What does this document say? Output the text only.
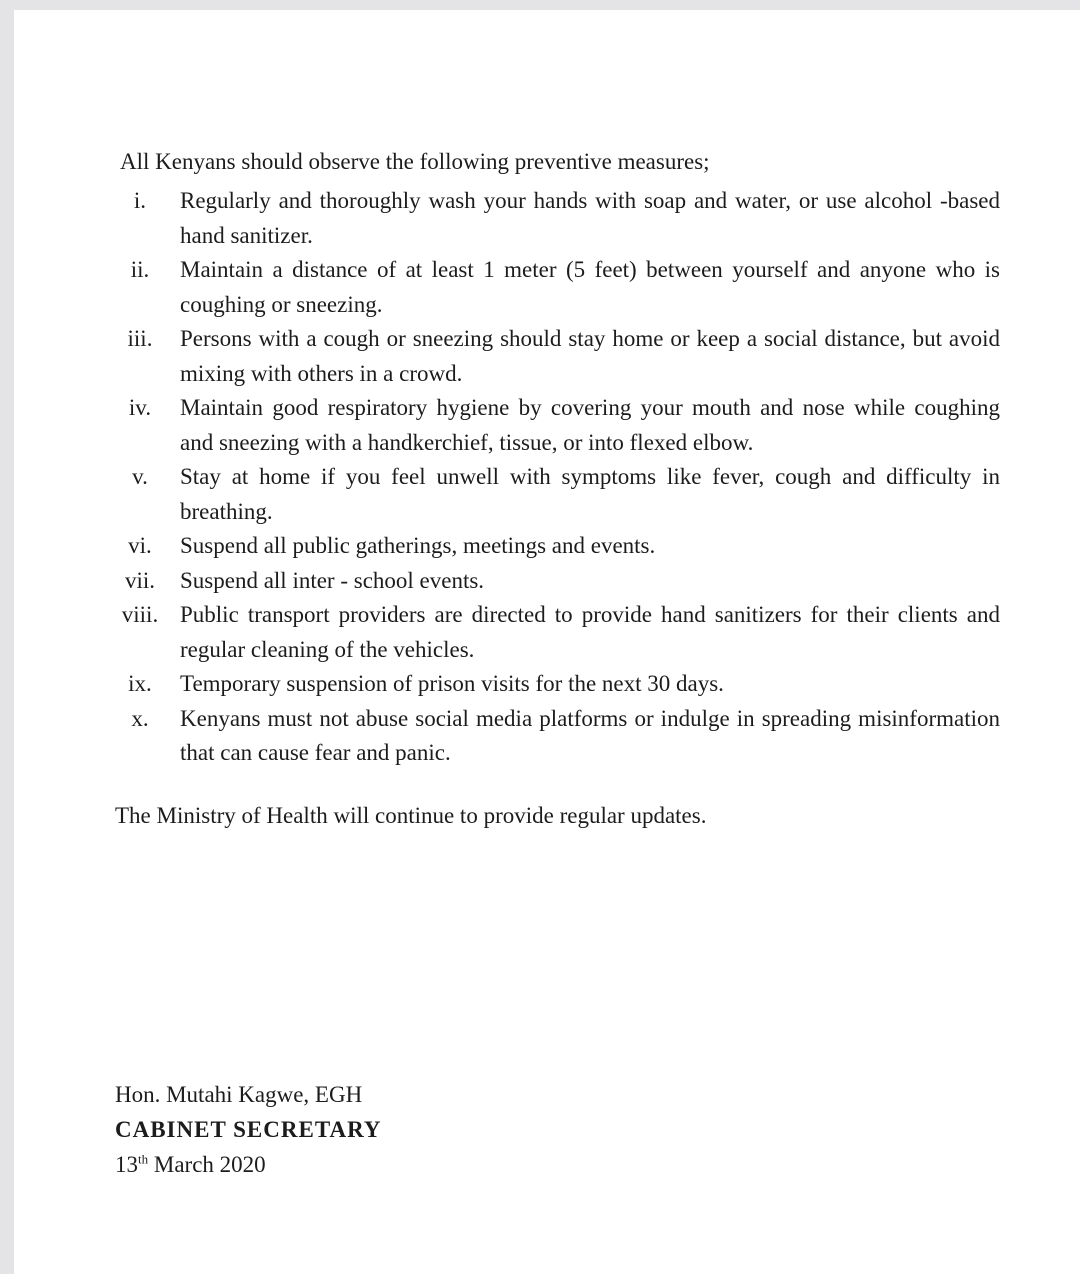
All Kenyans should observe the following preventive measures;
i.	Regularly and thoroughly wash your hands with soap and water, or use alcohol -based hand sanitizer.
ii.	Maintain a distance of at least 1 meter (5 feet) between yourself and anyone who is coughing or sneezing.
iii.	Persons with a cough or sneezing should stay home or keep a social distance, but avoid mixing with others in a crowd.
iv.	Maintain good respiratory hygiene by covering your mouth and nose while coughing and sneezing with a handkerchief, tissue, or into flexed elbow.
v.	Stay at home if you feel unwell with symptoms like fever, cough and difficulty in breathing.
vi.	Suspend all public gatherings, meetings and events.
vii.	Suspend all inter - school events.
viii. Public transport providers are directed to provide hand sanitizers for their clients and regular cleaning of the vehicles.
ix.	Temporary suspension of prison visits for the next 30 days.
x.	Kenyans must not abuse social media platforms or indulge in spreading misinformation that can cause fear and panic.
The Ministry of Health will continue to provide regular updates.
Hon. Mutahi Kagwe, EGH
CABINET SECRETARY
13th March 2020
